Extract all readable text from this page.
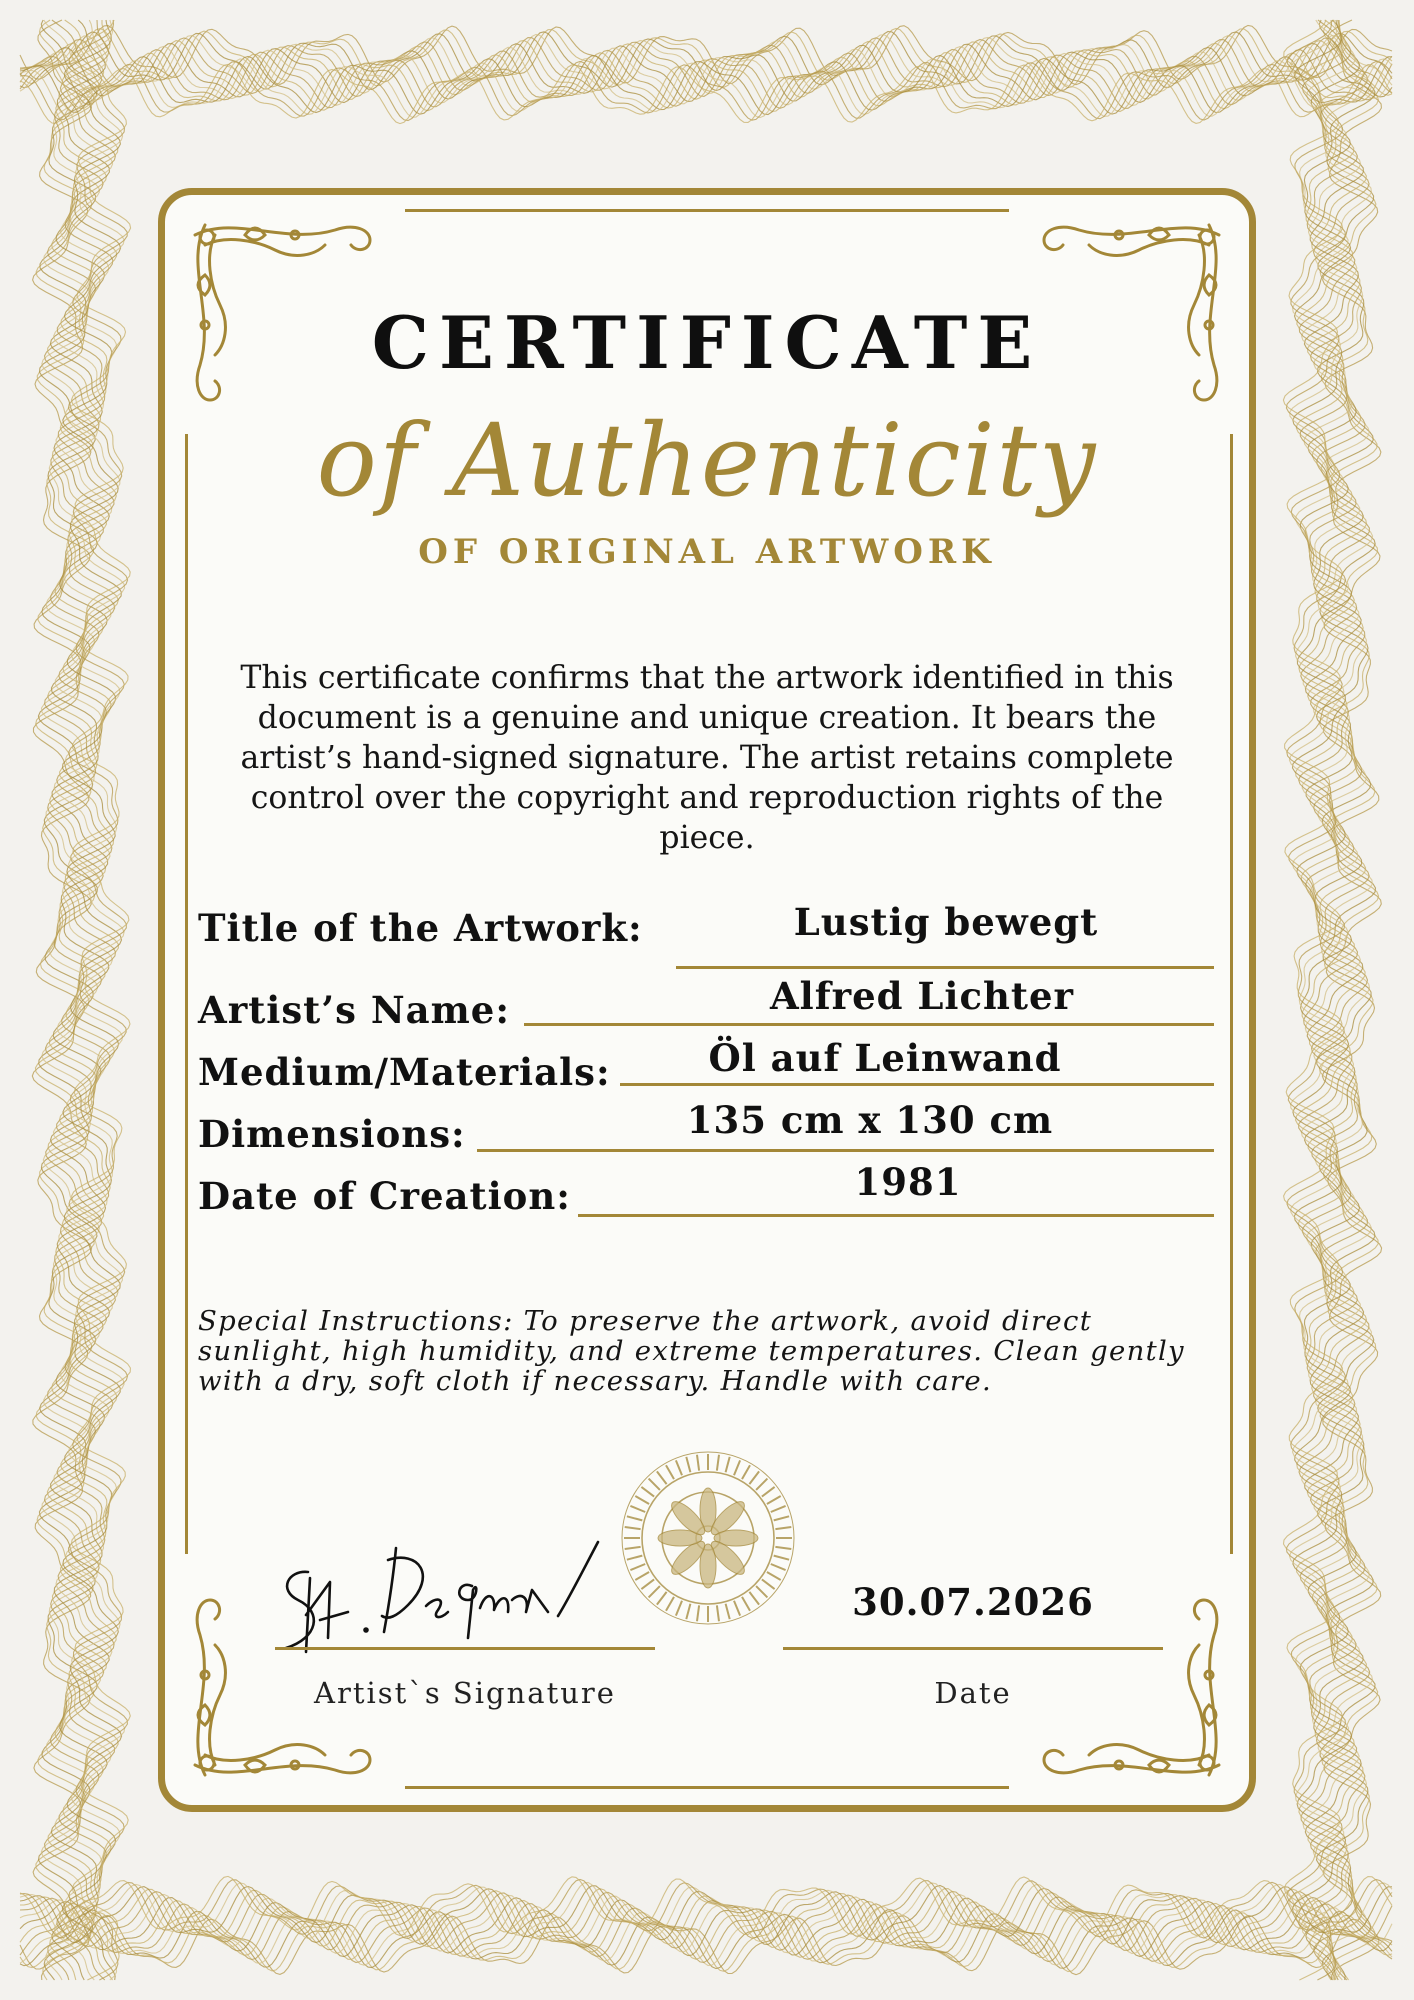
CERTIFICATE
of Authenticity
OF ORIGINAL ARTWORK
This certificate confirms that the artwork identified in this document is a genuine and unique creation. It bears the artist’s hand-signed signature. The artist retains complete control over the copyright and reproduction rights of the piece.
Title of the Artwork:	Lustig bewegt
Artist’s Name:	Alfred Lichter
Medium/Materials:	Öl auf Leinwand
Dimensions:	135 cm x 130 cm
Date of Creation:	1981
Special Instructions: To preserve the artwork, avoid direct sunlight, high humidity, and extreme temperatures. Clean gently with a dry, soft cloth if necessary. Handle with care.
Artist`s Signature
30.07.2026
Date
